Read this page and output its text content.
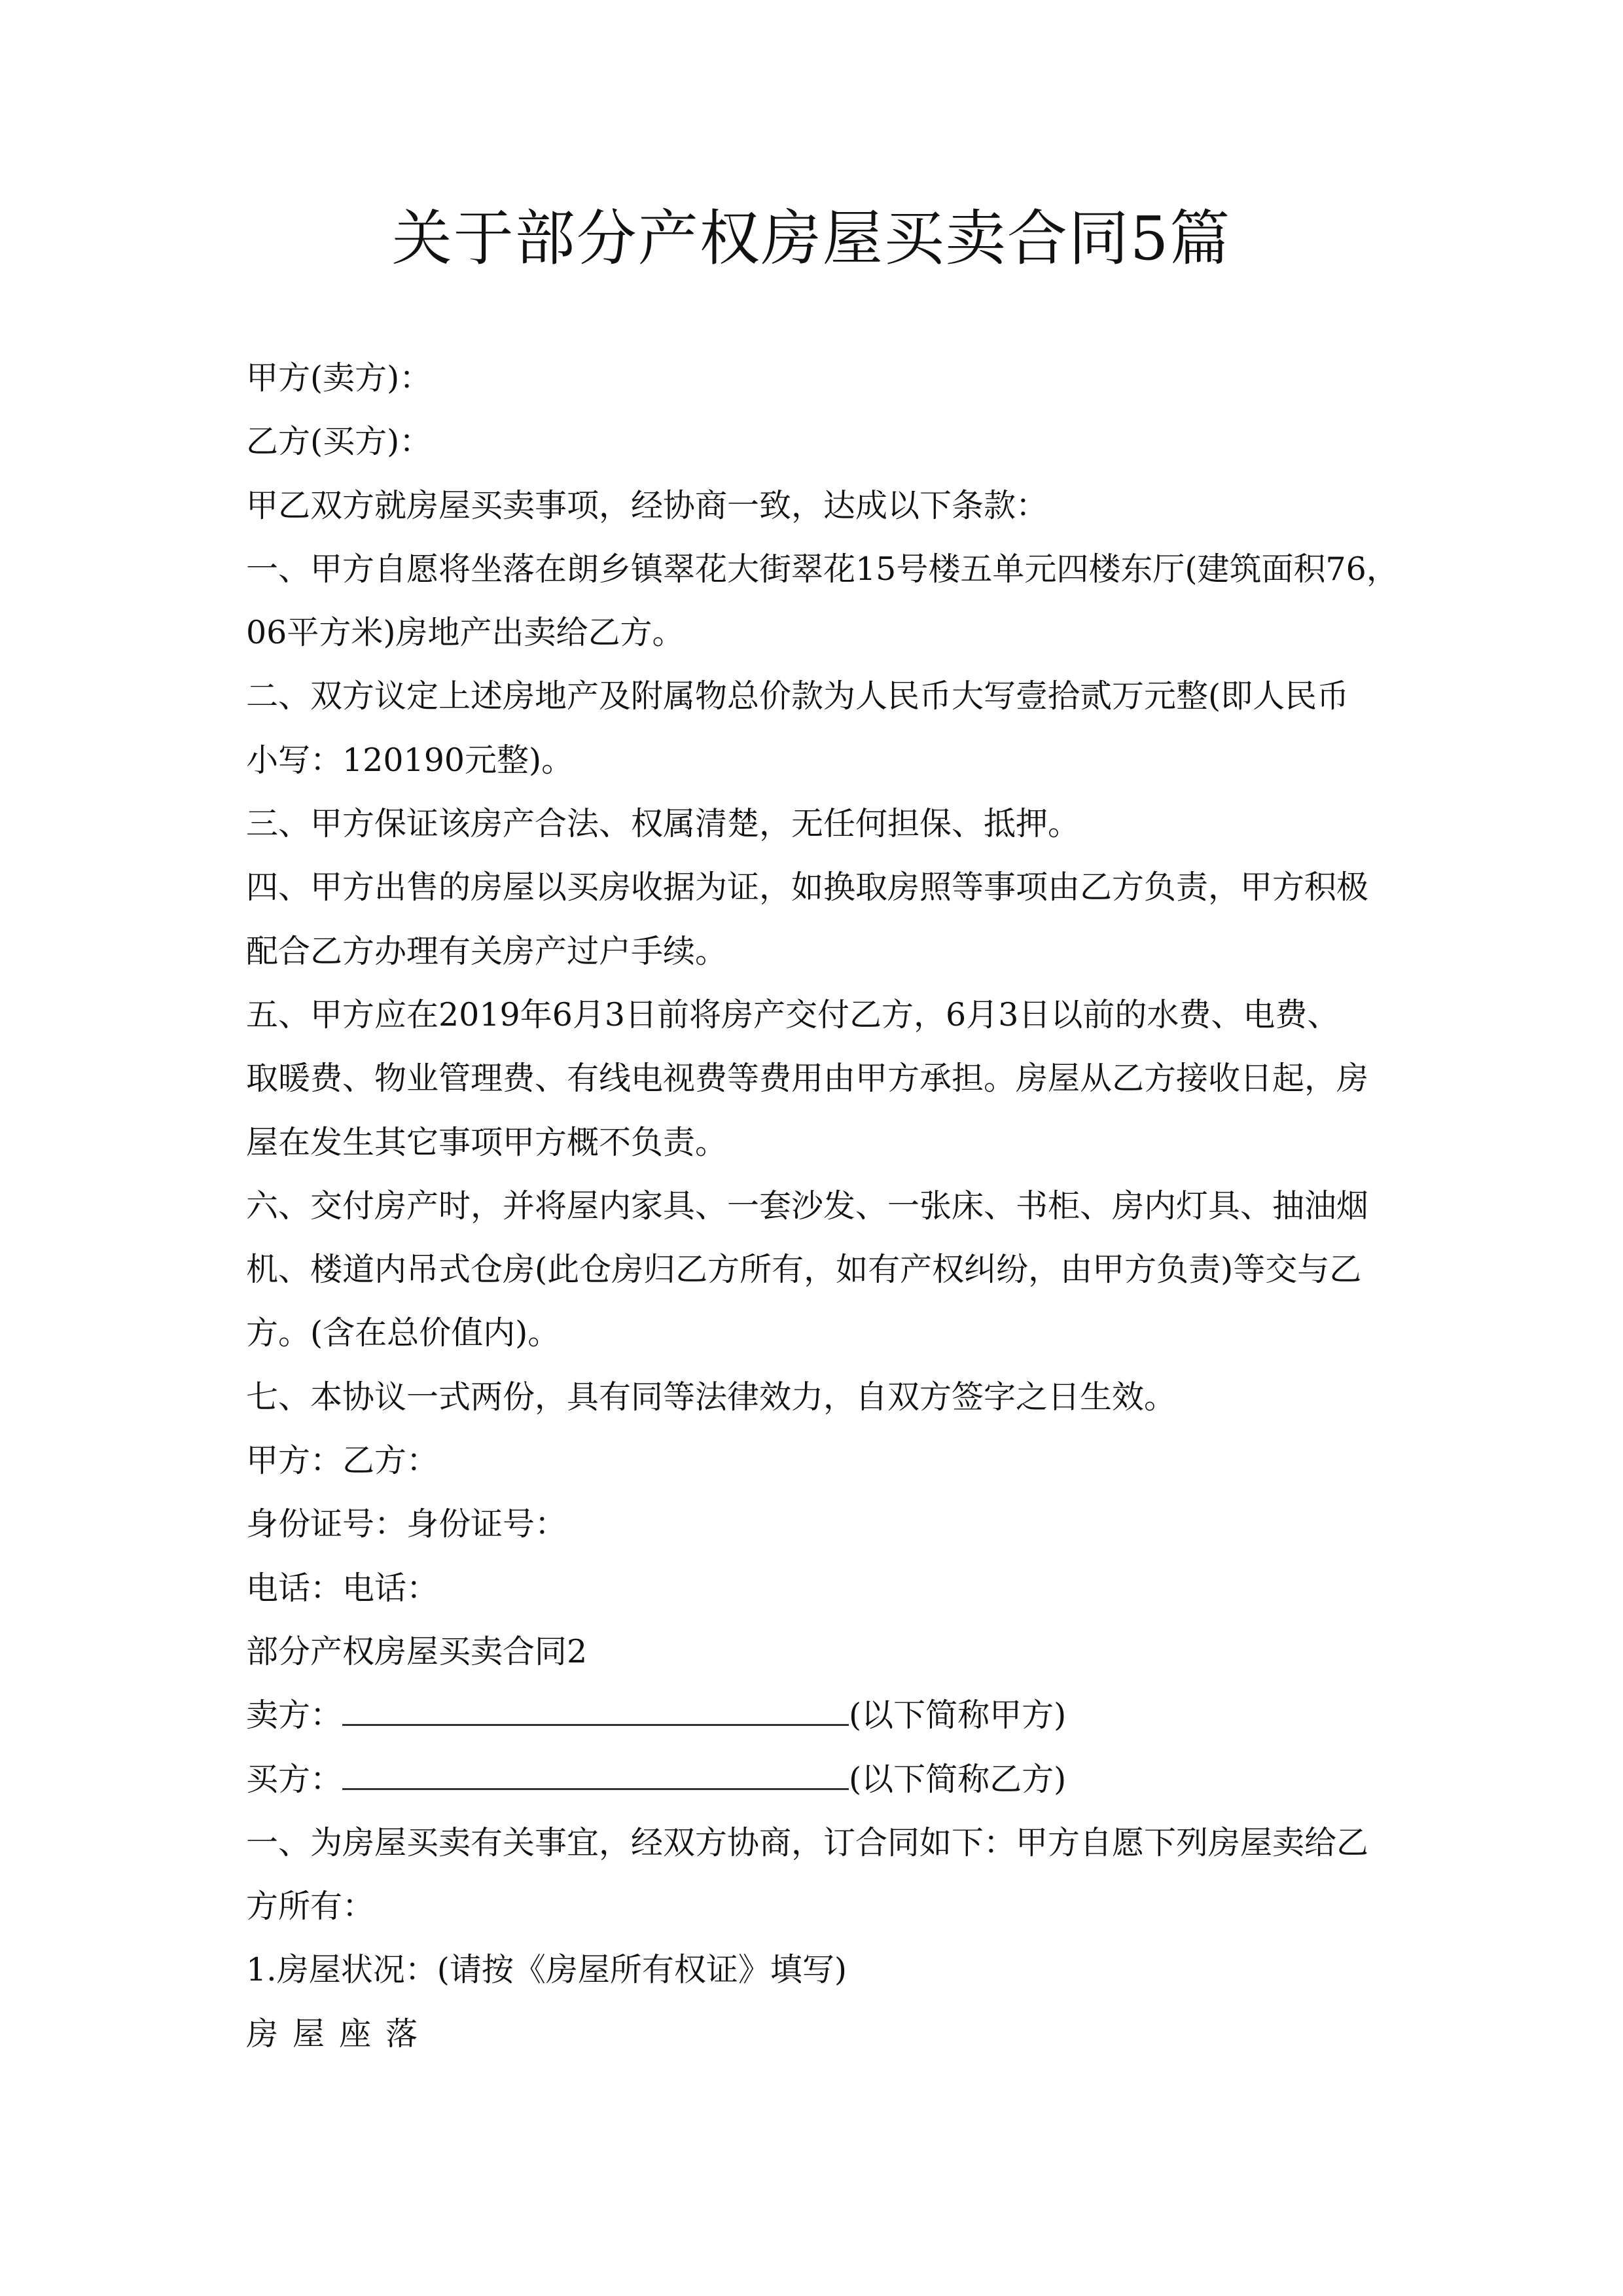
关于部分产权房屋买卖合同5篇
甲方(卖方)：
乙方(买方)：
甲乙双方就房屋买卖事项，经协商一致，达成以下条款：
一、甲方自愿将坐落在朗乡镇翠花大街翠花15号楼五单元四楼东厅(建筑面积76，
06平方米)房地产出卖给乙方。
二、双方议定上述房地产及附属物总价款为人民币大写壹拾贰万元整(即人民币
小写：120190元整)。
三、甲方保证该房产合法、权属清楚，无任何担保、抵押。
四、甲方出售的房屋以买房收据为证，如换取房照等事项由乙方负责，甲方积极
配合乙方办理有关房产过户手续。
五、甲方应在2019年6月3日前将房产交付乙方，6月3日以前的水费、电费、
取暖费、物业管理费、有线电视费等费用由甲方承担。房屋从乙方接收日起，房
屋在发生其它事项甲方概不负责。
六、交付房产时，并将屋内家具、一套沙发、一张床、书柜、房内灯具、抽油烟
机、楼道内吊式仓房(此仓房归乙方所有，如有产权纠纷，由甲方负责)等交与乙
方。(含在总价值内)。
七、本协议一式两份，具有同等法律效力，自双方签字之日生效。
甲方：乙方：
身份证号：身份证号：
电话：电话：
部分产权房屋买卖合同2
卖方：	(以下简称甲方)
买方：	(以下简称乙方)
一、为房屋买卖有关事宜，经双方协商，订合同如下：甲方自愿下列房屋卖给乙
方所有：
1.房屋状况：(请按《房屋所有权证》填写)
房屋座落
